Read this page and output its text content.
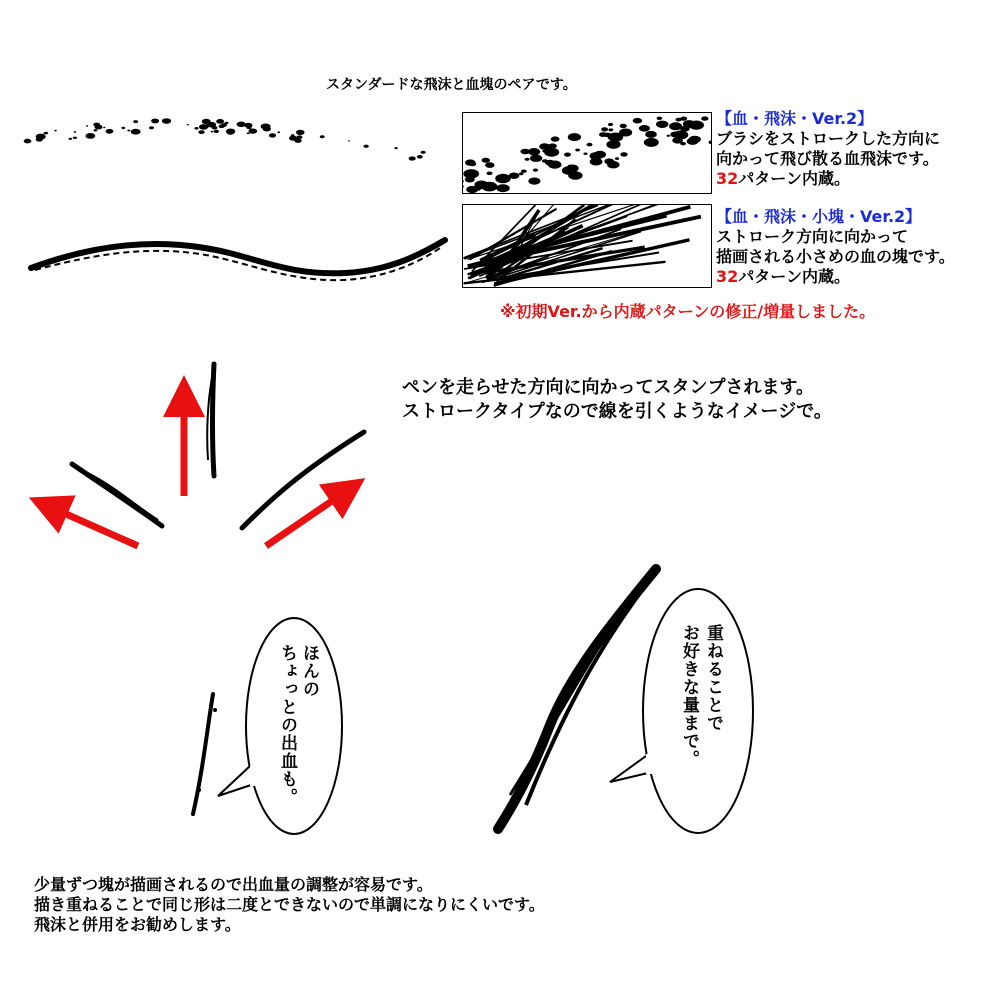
スタンダードな飛沫と血塊のペアです。
【血・飛沫・Ver.2】
ブラシをストロークした方向に
向かって飛び散る血飛沫です。
32パターン内蔵。
【血・飛沫・小塊・Ver.2】
ストローク方向に向かって
描画される小さめの血の塊です。
32パターン内蔵。
※初期Ver.から内蔵パターンの修正/増量しました。
ペンを走らせた方向に向かってスタンプされます。
ストロークタイプなので線を引くようなイメージで。
ほんの
ちょっとの出血も。	重ねることで
お好きな量まで。
少量ずつ塊が描画されるので出血量の調整が容易です。
描き重ねることで同じ形は二度とできないので単調になりにくいです。
飛沫と併用をお勧めします。
